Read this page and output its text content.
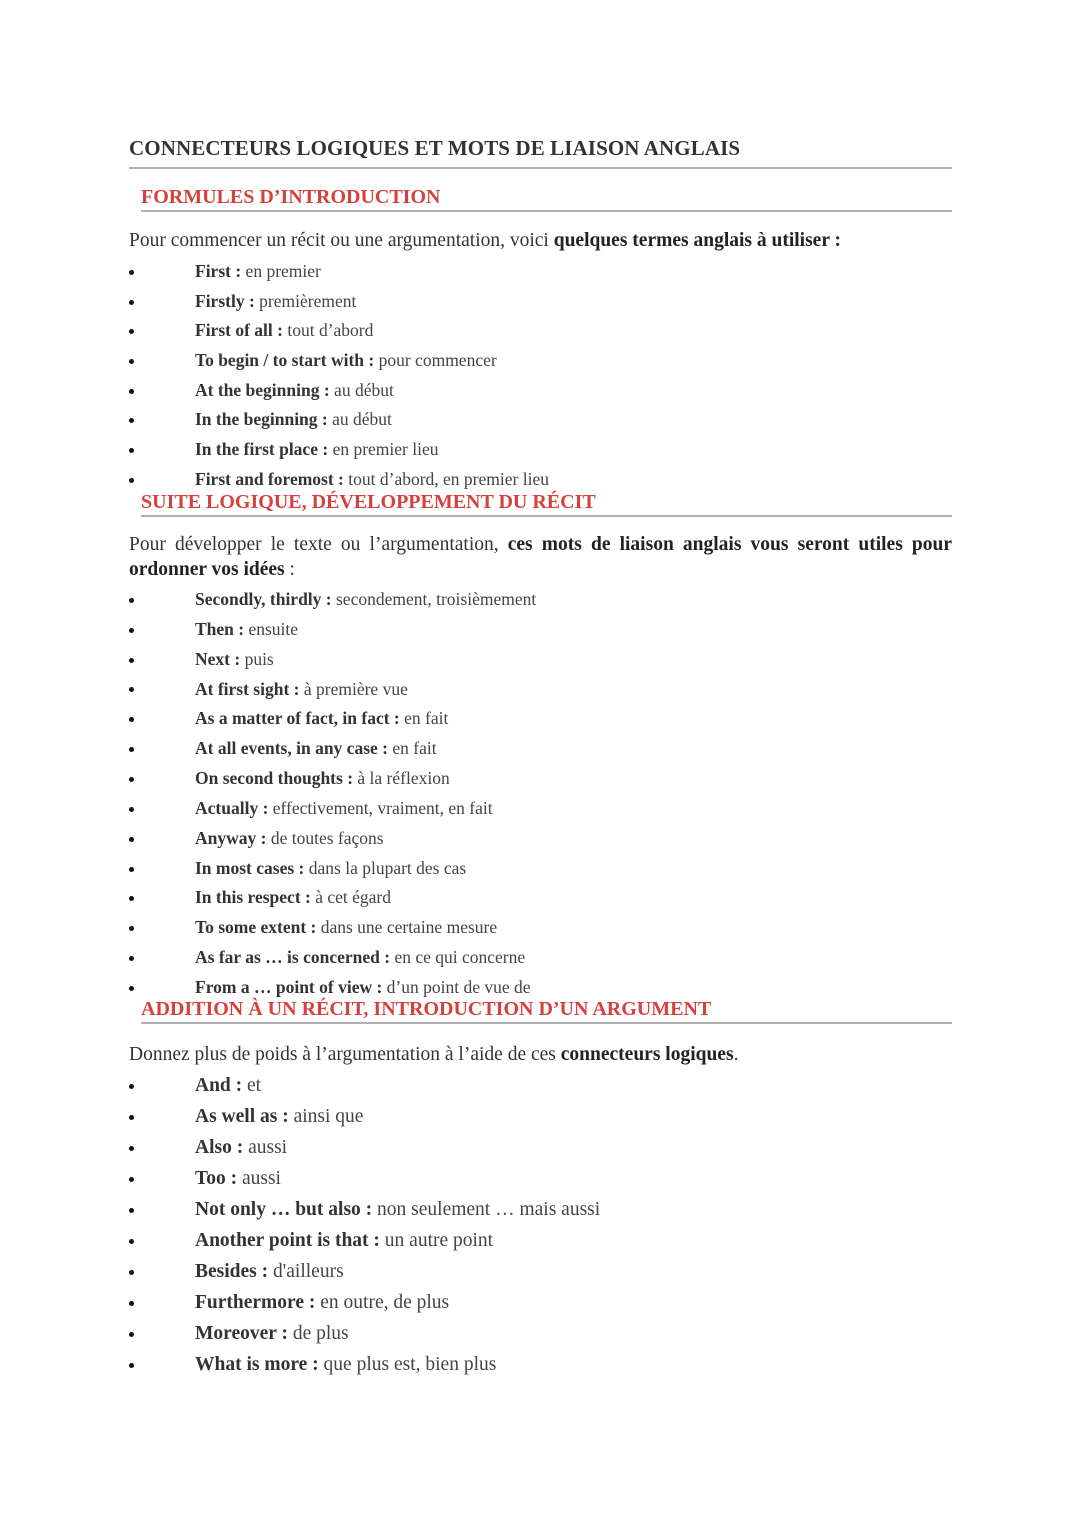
CONNECTEURS LOGIQUES ET MOTS DE LIAISON ANGLAIS
FORMULES D’INTRODUCTION
Pour commencer un récit ou une argumentation, voici quelques termes anglais à utiliser :
First : en premier
Firstly : premièrement
First of all : tout d’abord
To begin / to start with : pour commencer
At the beginning : au début
In the beginning : au début
In the first place : en premier lieu
First and foremost : tout d’abord, en premier lieu
SUITE LOGIQUE, DÉVELOPPEMENT DU RÉCIT
Pour développer le texte ou l’argumentation, ces mots de liaison anglais vous seront utiles pour ordonner vos idées :
Secondly, thirdly : secondement, troisièmement
Then : ensuite
Next : puis
At first sight : à première vue
As a matter of fact, in fact : en fait
At all events, in any case : en fait
On second thoughts : à la réflexion
Actually : effectivement, vraiment, en fait
Anyway : de toutes façons
In most cases : dans la plupart des cas
In this respect : à cet égard
To some extent : dans une certaine mesure
As far as … is concerned : en ce qui concerne
From a … point of view : d’un point de vue de
ADDITION À UN RÉCIT, INTRODUCTION D’UN ARGUMENT
Donnez plus de poids à l’argumentation à l’aide de ces connecteurs logiques.
And : et
As well as : ainsi que
Also : aussi
Too : aussi
Not only … but also : non seulement … mais aussi
Another point is that : un autre point
Besides : d'ailleurs
Furthermore : en outre, de plus
Moreover : de plus
What is more : que plus est, bien plus
